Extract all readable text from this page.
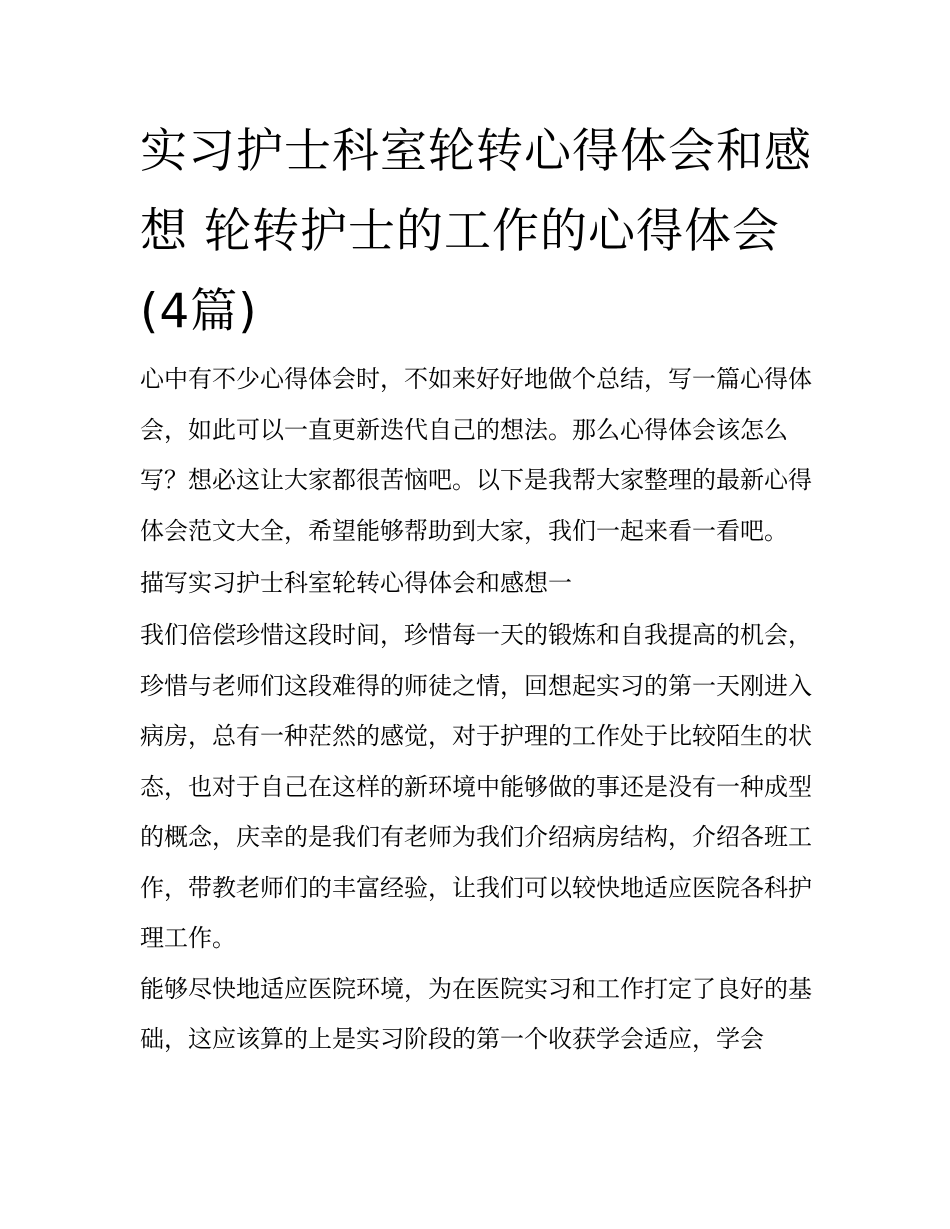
实习护士科室轮转心得体会和感想 轮转护士的工作的心得体会(4篇)

心中有不少心得体会时，不如来好好地做个总结，写一篇心得体会，如此可以一直更新迭代自己的想法。那么心得体会该怎么写？想必这让大家都很苦恼吧。以下是我帮大家整理的最新心得体会范文大全，希望能够帮助到大家，我们一起来看一看吧。

描写实习护士科室轮转心得体会和感想一

我们倍偿珍惜这段时间，珍惜每一天的锻炼和自我提高的机会，珍惜与老师们这段难得的师徒之情，回想起实习的第一天刚进入病房，总有一种茫然的感觉，对于护理的工作处于比较陌生的状态，也对于自己在这样的新环境中能够做的事还是没有一种成型的概念，庆幸的是我们有老师为我们介绍病房结构，介绍各班工作，带教老师们的丰富经验，让我们可以较快地适应医院各科护理工作。

能够尽快地适应医院环境，为在医院实习和工作打定了良好的基础，这应该算的上是实习阶段的第一个收获学会适应，学会
